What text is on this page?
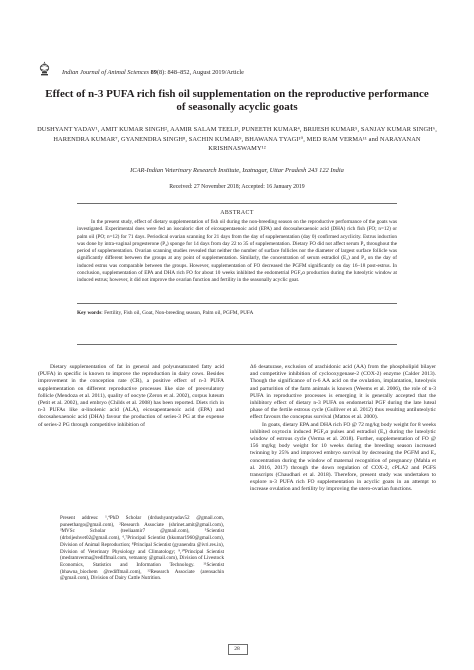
Indian Journal of Animal Sciences 89(8): 848–852, August 2019/Article
Effect of n-3 PUFA rich fish oil supplementation on the reproductive performance of seasonally acyclic goats
DUSHYANT YADAV¹, AMIT KUMAR SINGH², AAMIR SALAM TEELI³, PUNEETH KUMAR⁴, BRIJESH KUMAR⁵, SANJAY KUMAR SINGH⁶, HARENDRA KUMAR⁷, GYANENDRA SINGH⁸, SACHIN KUMAR⁹, BHAWANA TYAGI¹⁰, MED RAM VERMA¹¹ and NARAYANAN KRISHNASWAMY¹²
ICAR-Indian Veterinary Research Institute, Izatnagar, Uttar Pradesh 243 122 India
Received: 27 November 2018; Accepted: 16 January 2019
ABSTRACT
In the present study, effect of dietary supplementation of fish oil during the non-breeding season on the reproductive performance of the goats was investigated. Experimental does were fed an isocaloric diet of eicosapentaenoic acid (EPA) and docosahexaenoic acid (DHA) rich fish (FO; n=12) or palm oil (PO; n=12) for 71 days. Periodical ovarian scanning for 21 days from the day of supplementation (day 0) confirmed acyclicity. Estrus induction was done by intra-vaginal progesterone (P₄) sponge for 14 days from day 22 to 35 of supplementation. Dietary FO did not affect serum P₄ throughout the period of supplementation. Ovarian scanning studies revealed that neither the number of surface follicles nor the diameter of largest surface follicle was significantly different between the groups at any point of supplementation. Similarly, the concentration of serum estradiol (E₂) and P₄ on the day of induced estrus was comparable between the groups. However, supplementation of FO decreased the PGFM significantly on day 16–18 post-estrus. In conclusion, supplementation of EPA and DHA rich FO for about 10 weeks inhibited the endometrial PGF₂α production during the luteolytic window at induced estrus; however, it did not improve the ovarian function and fertility in the seasonally acyclic goat.
Key words: Fertility, Fish oil, Goat, Non-breeding season, Palm oil, PGFM, PUFA

Dietary supplementation of fat in general and polyunsaturated fatty acid (PUFA) in specific is known to improve the reproduction in dairy cows. Besides improvement in the conception rate (CR), a positive effect of n-3 PUFA supplementation on different reproductive processes like size of preovulatory follicle (Mendoza et al. 2011), quality of oocyte (Zeron et al. 2002), corpus luteum (Petit et al. 2002), and embryo (Childs et al. 2008) has been reported. Diets rich in n-3 PUFAs like α-linolenic acid (ALA), eicosapentaenoic acid (EPA) and docosahexaenoic acid (DHA) favour the production of series-3 PG at the expense of series-2 PG through competitive inhibition of

Δ6 desaturase, exclusion of arachidonic acid (AA) from the phospholipid bilayer and competitive inhibition of cyclooxygenase-2 (COX-2) enzyme (Calder 2013). Though the significance of n-6 AA acid on the ovulation, implantation, luteolysis and parturition of the farm animals is known (Weems et al. 2006), the role of n-3 PUFA in reproductive processes is emerging it is generally accepted that the inhibitory effect of dietary n-3 PUFA on endometrial PGF during the late luteal phase of the fertile estrous cycle (Gulliver et al. 2012) thus resulting antiluteolytic effect favours the conceptus survival (Mattos et al. 2000).

In goats, dietary EPA and DHA rich FO @ 72 mg/kg body weight for 8 weeks inhibited oxytocin induced PGF₂α pulses and estradiol (E₂) during the luteolytic window of estrous cycle (Verma et al. 2018). Further, supplementation of FO @ 156 mg/kg body weight for 10 weeks during the breeding season increased twinning by 25% and improved embryo survival by decreasing the PGFM and E₂ concentration during the window of maternal recognition of pregnancy (Mahla et al. 2016, 2017) through the down regulation of COX-2, cPLA2 and PGFS transcripts (Chaudhari et al. 2018). Therefore, present study was undertaken to explore n-3 PUFA rich FO supplementation in acyclic goats in an attempt to increase ovulation and fertility by improving the utero-ovarian functions.

Present address: ¹,⁴PhD Scholar (drdushyantyadav52 @gmail.com, puneethargo@gmail.com), ²Research Associate (shrinet.amit@gmail.com), ³MVSc Scholar (teeliaamir7 @gmail.com), ⁵Scientist (drbrijeshvet02@gmail.com), ⁶,⁷Principal Scientist (hkumar1960@gmail.com), Division of Animal Reproduction; ⁸Principal Scientist (gyanendra @ivri.res.in), Division of Veterinary Physiology and Climatology; ⁹,¹⁰Principal Scientist (medramverma@rediffmail.com, vetnanny @gmail.com), Division of Livestock Economics, Statistics and Information Technology. ¹¹Scientist (bhawna_biochem @rediffmail.com), ¹²Research Associate (arensachin @gmail.com), Division of Dairy Cattle Nutrition.
28
